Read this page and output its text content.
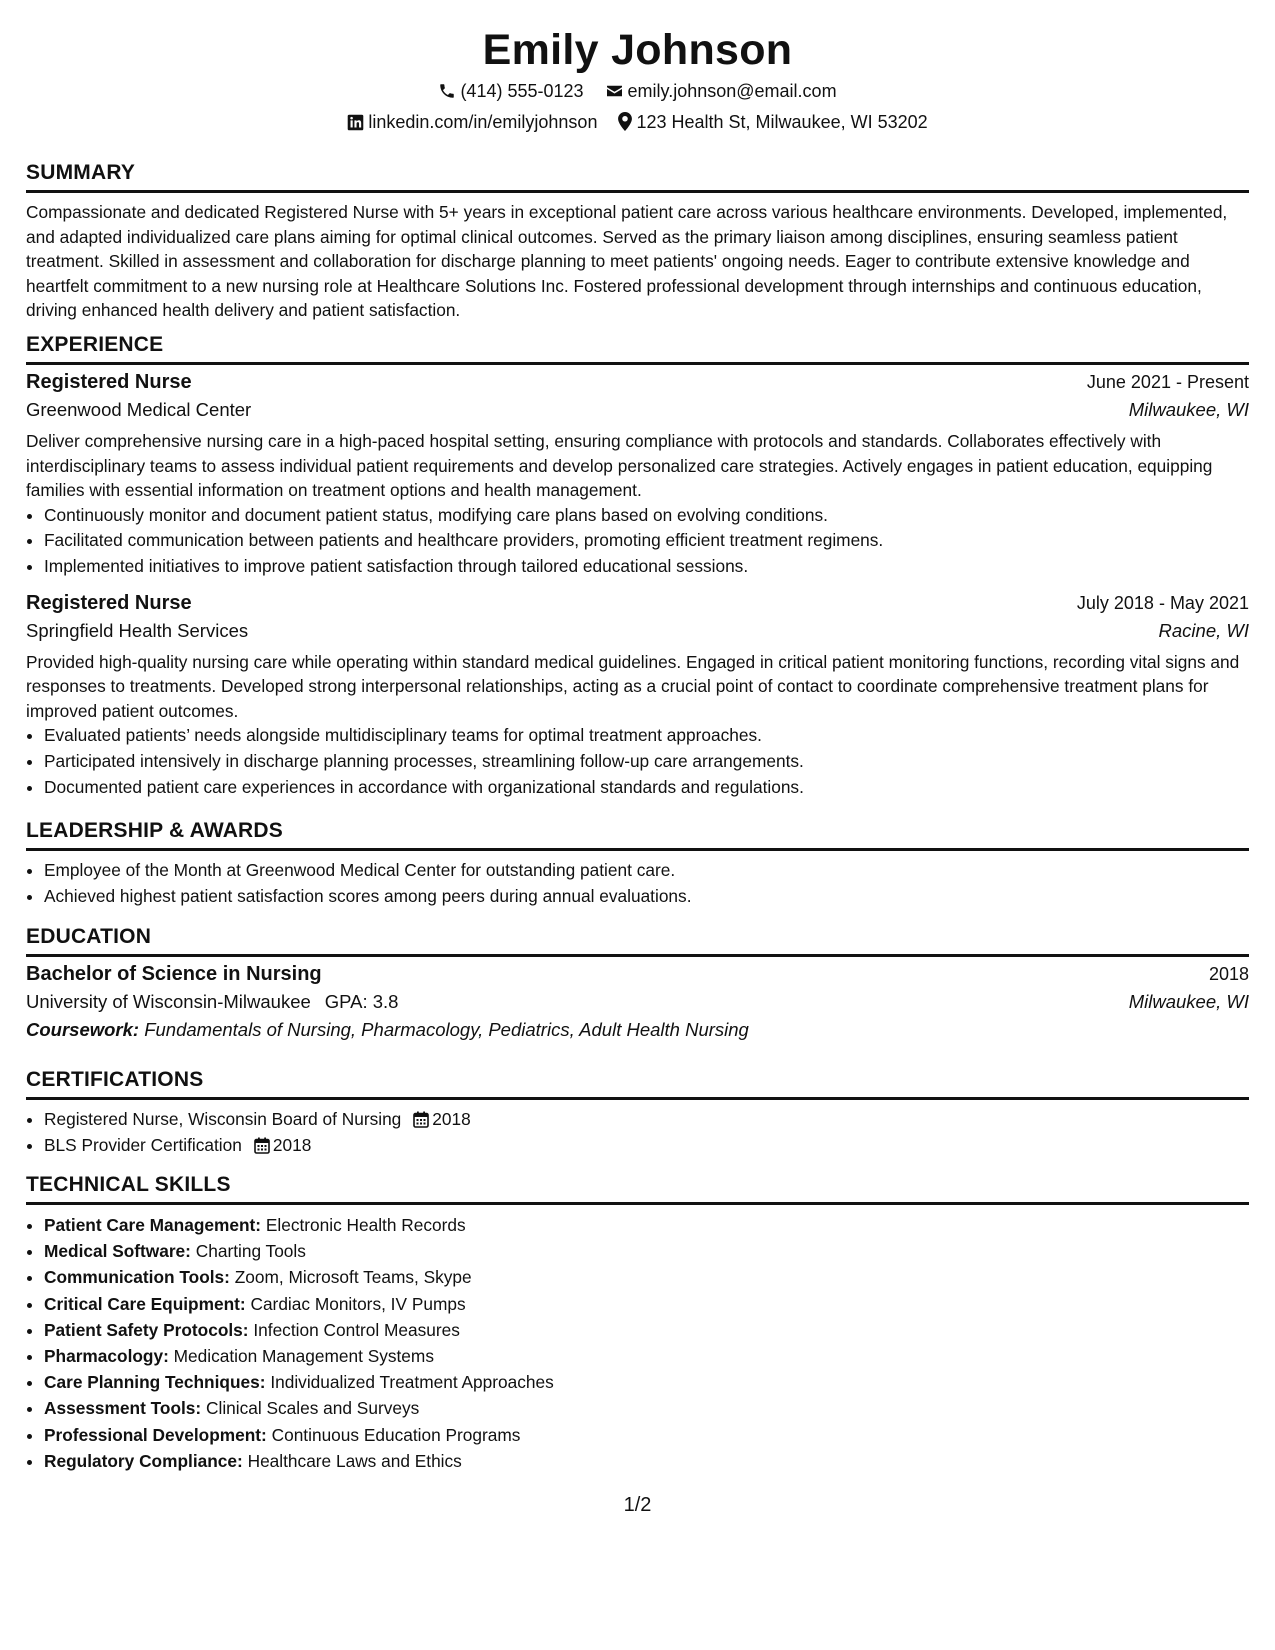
Emily Johnson
(414) 555-0123 emily.johnson@email.com
linkedin.com/in/emilyjohnson 123 Health St, Milwaukee, WI 53202
SUMMARY
Compassionate and dedicated Registered Nurse with 5+ years in exceptional patient care across various healthcare environments. Developed, implemented, and adapted individualized care plans aiming for optimal clinical outcomes. Served as the primary liaison among disciplines, ensuring seamless patient treatment. Skilled in assessment and collaboration for discharge planning to meet patients' ongoing needs. Eager to contribute extensive knowledge and heartfelt commitment to a new nursing role at Healthcare Solutions Inc. Fostered professional development through internships and continuous education, driving enhanced health delivery and patient satisfaction.
EXPERIENCE
Registered Nurse	June 2021 - Present
Greenwood Medical Center	Milwaukee, WI
Deliver comprehensive nursing care in a high-paced hospital setting, ensuring compliance with protocols and standards. Collaborates effectively with interdisciplinary teams to assess individual patient requirements and develop personalized care strategies. Actively engages in patient education, equipping families with essential information on treatment options and health management.
• Continuously monitor and document patient status, modifying care plans based on evolving conditions.
• Facilitated communication between patients and healthcare providers, promoting efficient treatment regimens.
• Implemented initiatives to improve patient satisfaction through tailored educational sessions.
Registered Nurse	July 2018 - May 2021
Springfield Health Services	Racine, WI
Provided high-quality nursing care while operating within standard medical guidelines. Engaged in critical patient monitoring functions, recording vital signs and responses to treatments. Developed strong interpersonal relationships, acting as a crucial point of contact to coordinate comprehensive treatment plans for improved patient outcomes.
• Evaluated patients’ needs alongside multidisciplinary teams for optimal treatment approaches.
• Participated intensively in discharge planning processes, streamlining follow-up care arrangements.
• Documented patient care experiences in accordance with organizational standards and regulations.
LEADERSHIP & AWARDS
• Employee of the Month at Greenwood Medical Center for outstanding patient care.
• Achieved highest patient satisfaction scores among peers during annual evaluations.
EDUCATION
Bachelor of Science in Nursing	2018
University of Wisconsin-Milwaukee GPA: 3.8	Milwaukee, WI
Coursework: Fundamentals of Nursing, Pharmacology, Pediatrics, Adult Health Nursing
CERTIFICATIONS
• Registered Nurse, Wisconsin Board of Nursing 2018
• BLS Provider Certification 2018
TECHNICAL SKILLS
• Patient Care Management: Electronic Health Records
• Medical Software: Charting Tools
• Communication Tools: Zoom, Microsoft Teams, Skype
• Critical Care Equipment: Cardiac Monitors, IV Pumps
• Patient Safety Protocols: Infection Control Measures
• Pharmacology: Medication Management Systems
• Care Planning Techniques: Individualized Treatment Approaches
• Assessment Tools: Clinical Scales and Surveys
• Professional Development: Continuous Education Programs
• Regulatory Compliance: Healthcare Laws and Ethics
1/2
